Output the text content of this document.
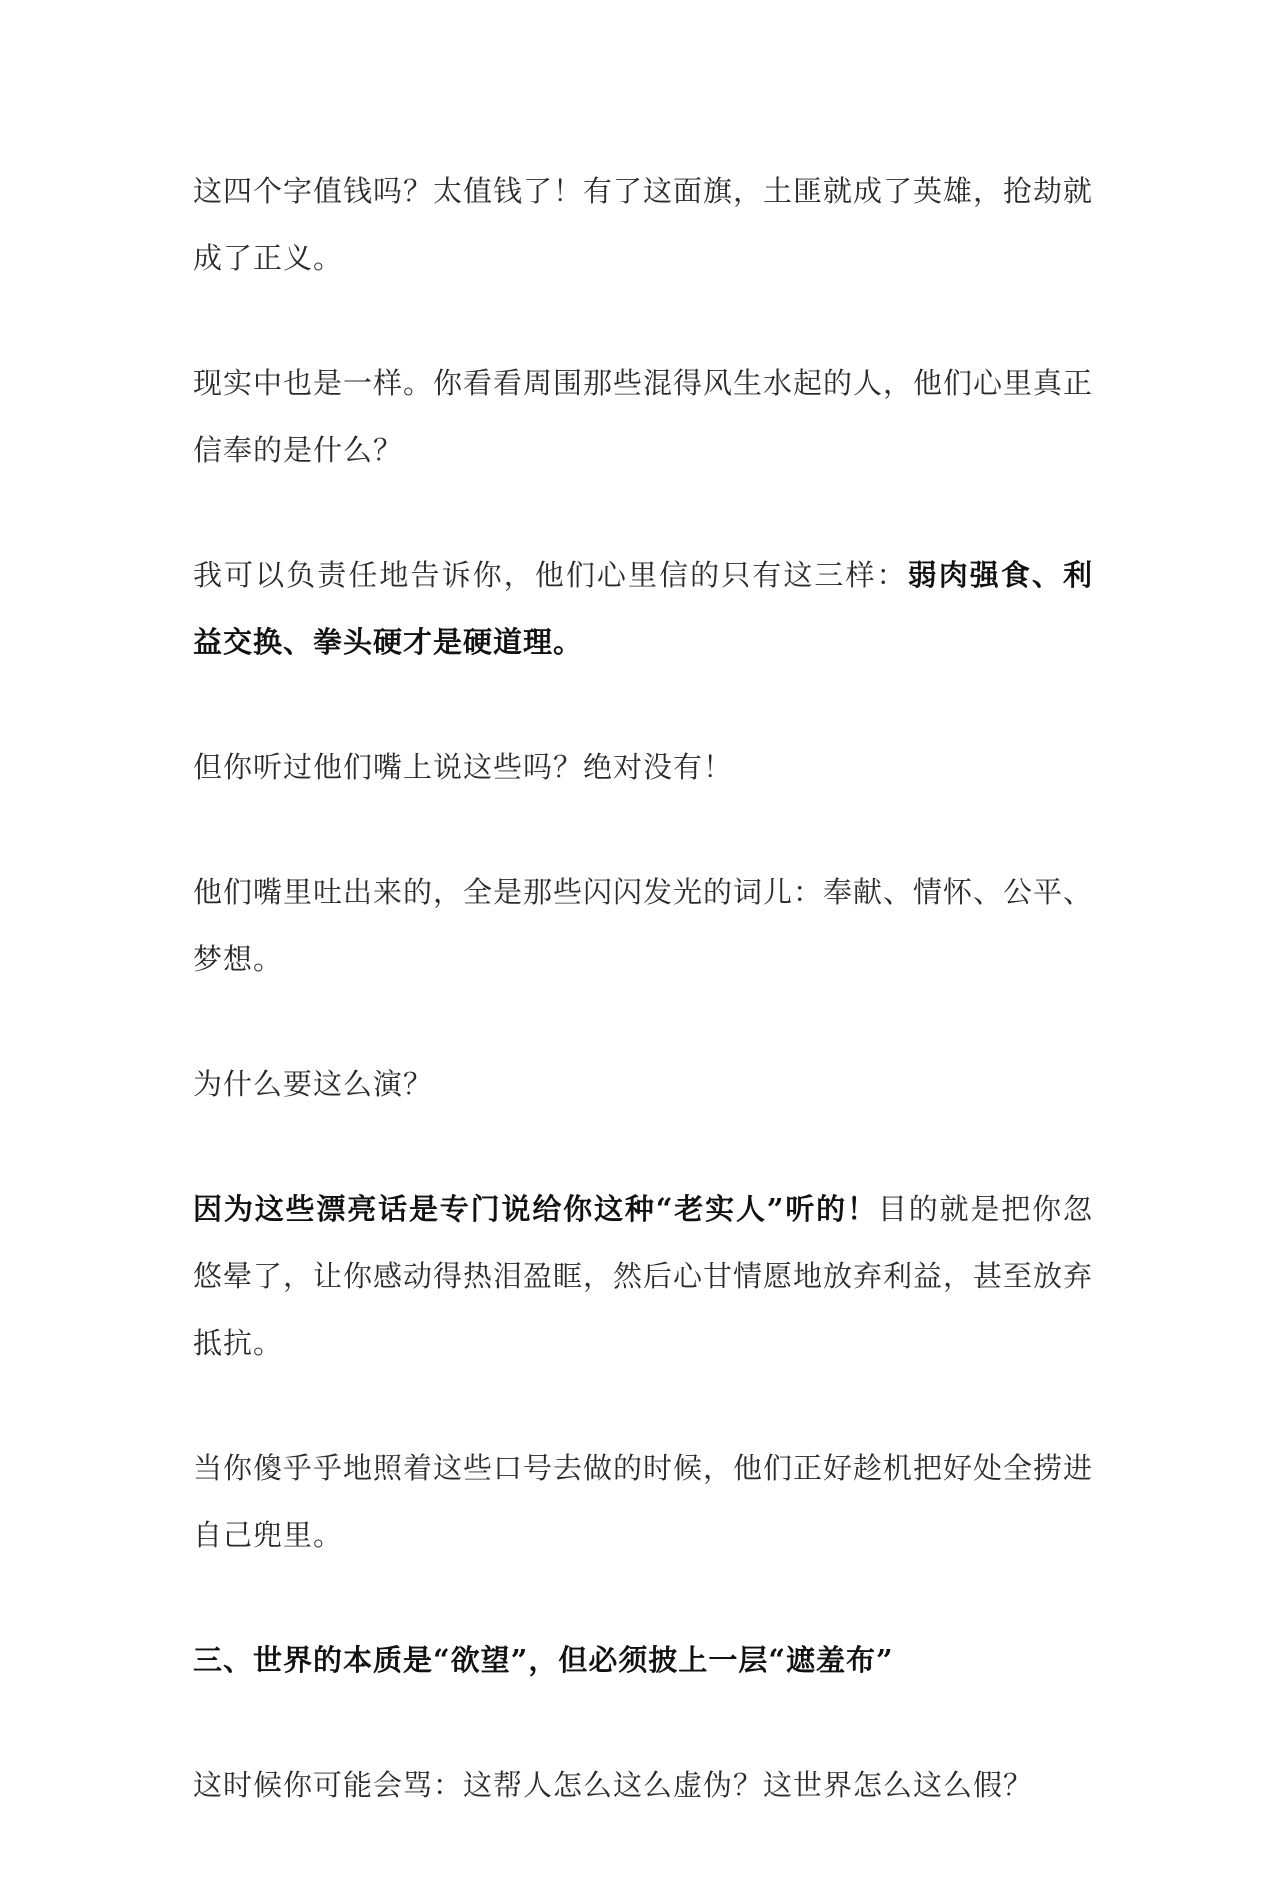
这四个字值钱吗？太值钱了！有了这面旗，土匪就成了英雄，抢劫就成了正义。

现实中也是一样。你看看周围那些混得风生水起的人，他们心里真正信奉的是什么？

我可以负责任地告诉你，他们心里信的只有这三样：弱肉强食、利益交换、拳头硬才是硬道理。

但你听过他们嘴上说这些吗？绝对没有！

他们嘴里吐出来的，全是那些闪闪发光的词儿：奉献、情怀、公平、梦想。

为什么要这么演？

因为这些漂亮话是专门说给你这种“老实人”听的！目的就是把你忽悠晕了，让你感动得热泪盈眶，然后心甘情愿地放弃利益，甚至放弃抵抗。

当你傻乎乎地照着这些口号去做的时候，他们正好趁机把好处全捞进自己兜里。

三、世界的本质是“欲望”，但必须披上一层“遮羞布”

这时候你可能会骂：这帮人怎么这么虚伪？这世界怎么这么假？
